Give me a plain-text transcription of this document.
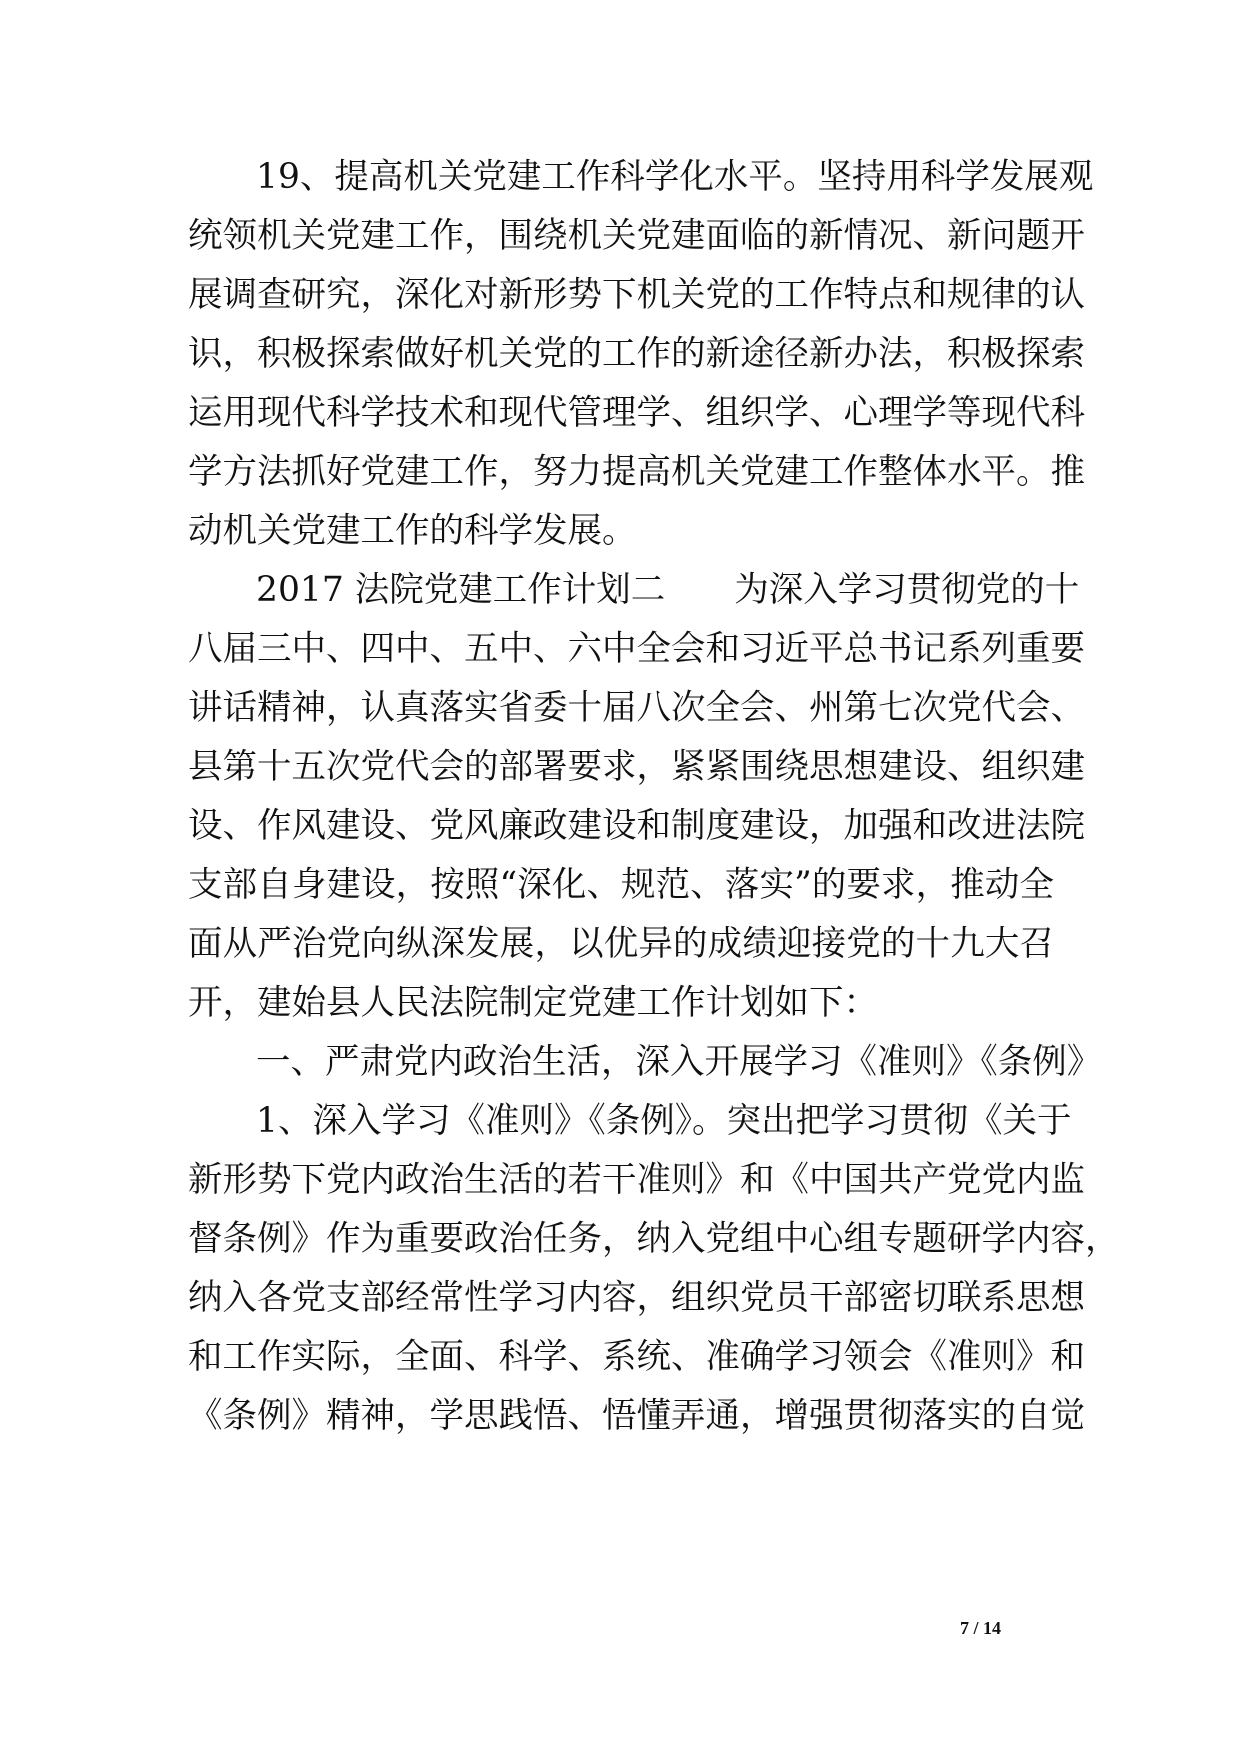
19、提高机关党建工作科学化水平。坚持用科学发展观
统领机关党建工作，围绕机关党建面临的新情况、新问题开
展调查研究，深化对新形势下机关党的工作特点和规律的认
识，积极探索做好机关党的工作的新途径新办法，积极探索
运用现代科学技术和现代管理学、组织学、心理学等现代科
学方法抓好党建工作，努力提高机关党建工作整体水平。推
动机关党建工作的科学发展。
2017 法院党建工作计划二　　为深入学习贯彻党的十
八届三中、四中、五中、六中全会和习近平总书记系列重要
讲话精神，认真落实省委十届八次全会、州第七次党代会、
县第十五次党代会的部署要求，紧紧围绕思想建设、组织建
设、作风建设、党风廉政建设和制度建设，加强和改进法院
支部自身建设，按照“深化、规范、落实”的要求，推动全
面从严治党向纵深发展，以优异的成绩迎接党的十九大召
开，建始县人民法院制定党建工作计划如下：
一、严肃党内政治生活，深入开展学习《准则》《条例》
1、深入学习《准则》《条例》。突出把学习贯彻《关于
新形势下党内政治生活的若干准则》和《中国共产党党内监
督条例》作为重要政治任务，纳入党组中心组专题研学内容，
纳入各党支部经常性学习内容，组织党员干部密切联系思想
和工作实际，全面、科学、系统、准确学习领会《准则》和
《条例》精神，学思践悟、悟懂弄通，增强贯彻落实的自觉
7 / 14
